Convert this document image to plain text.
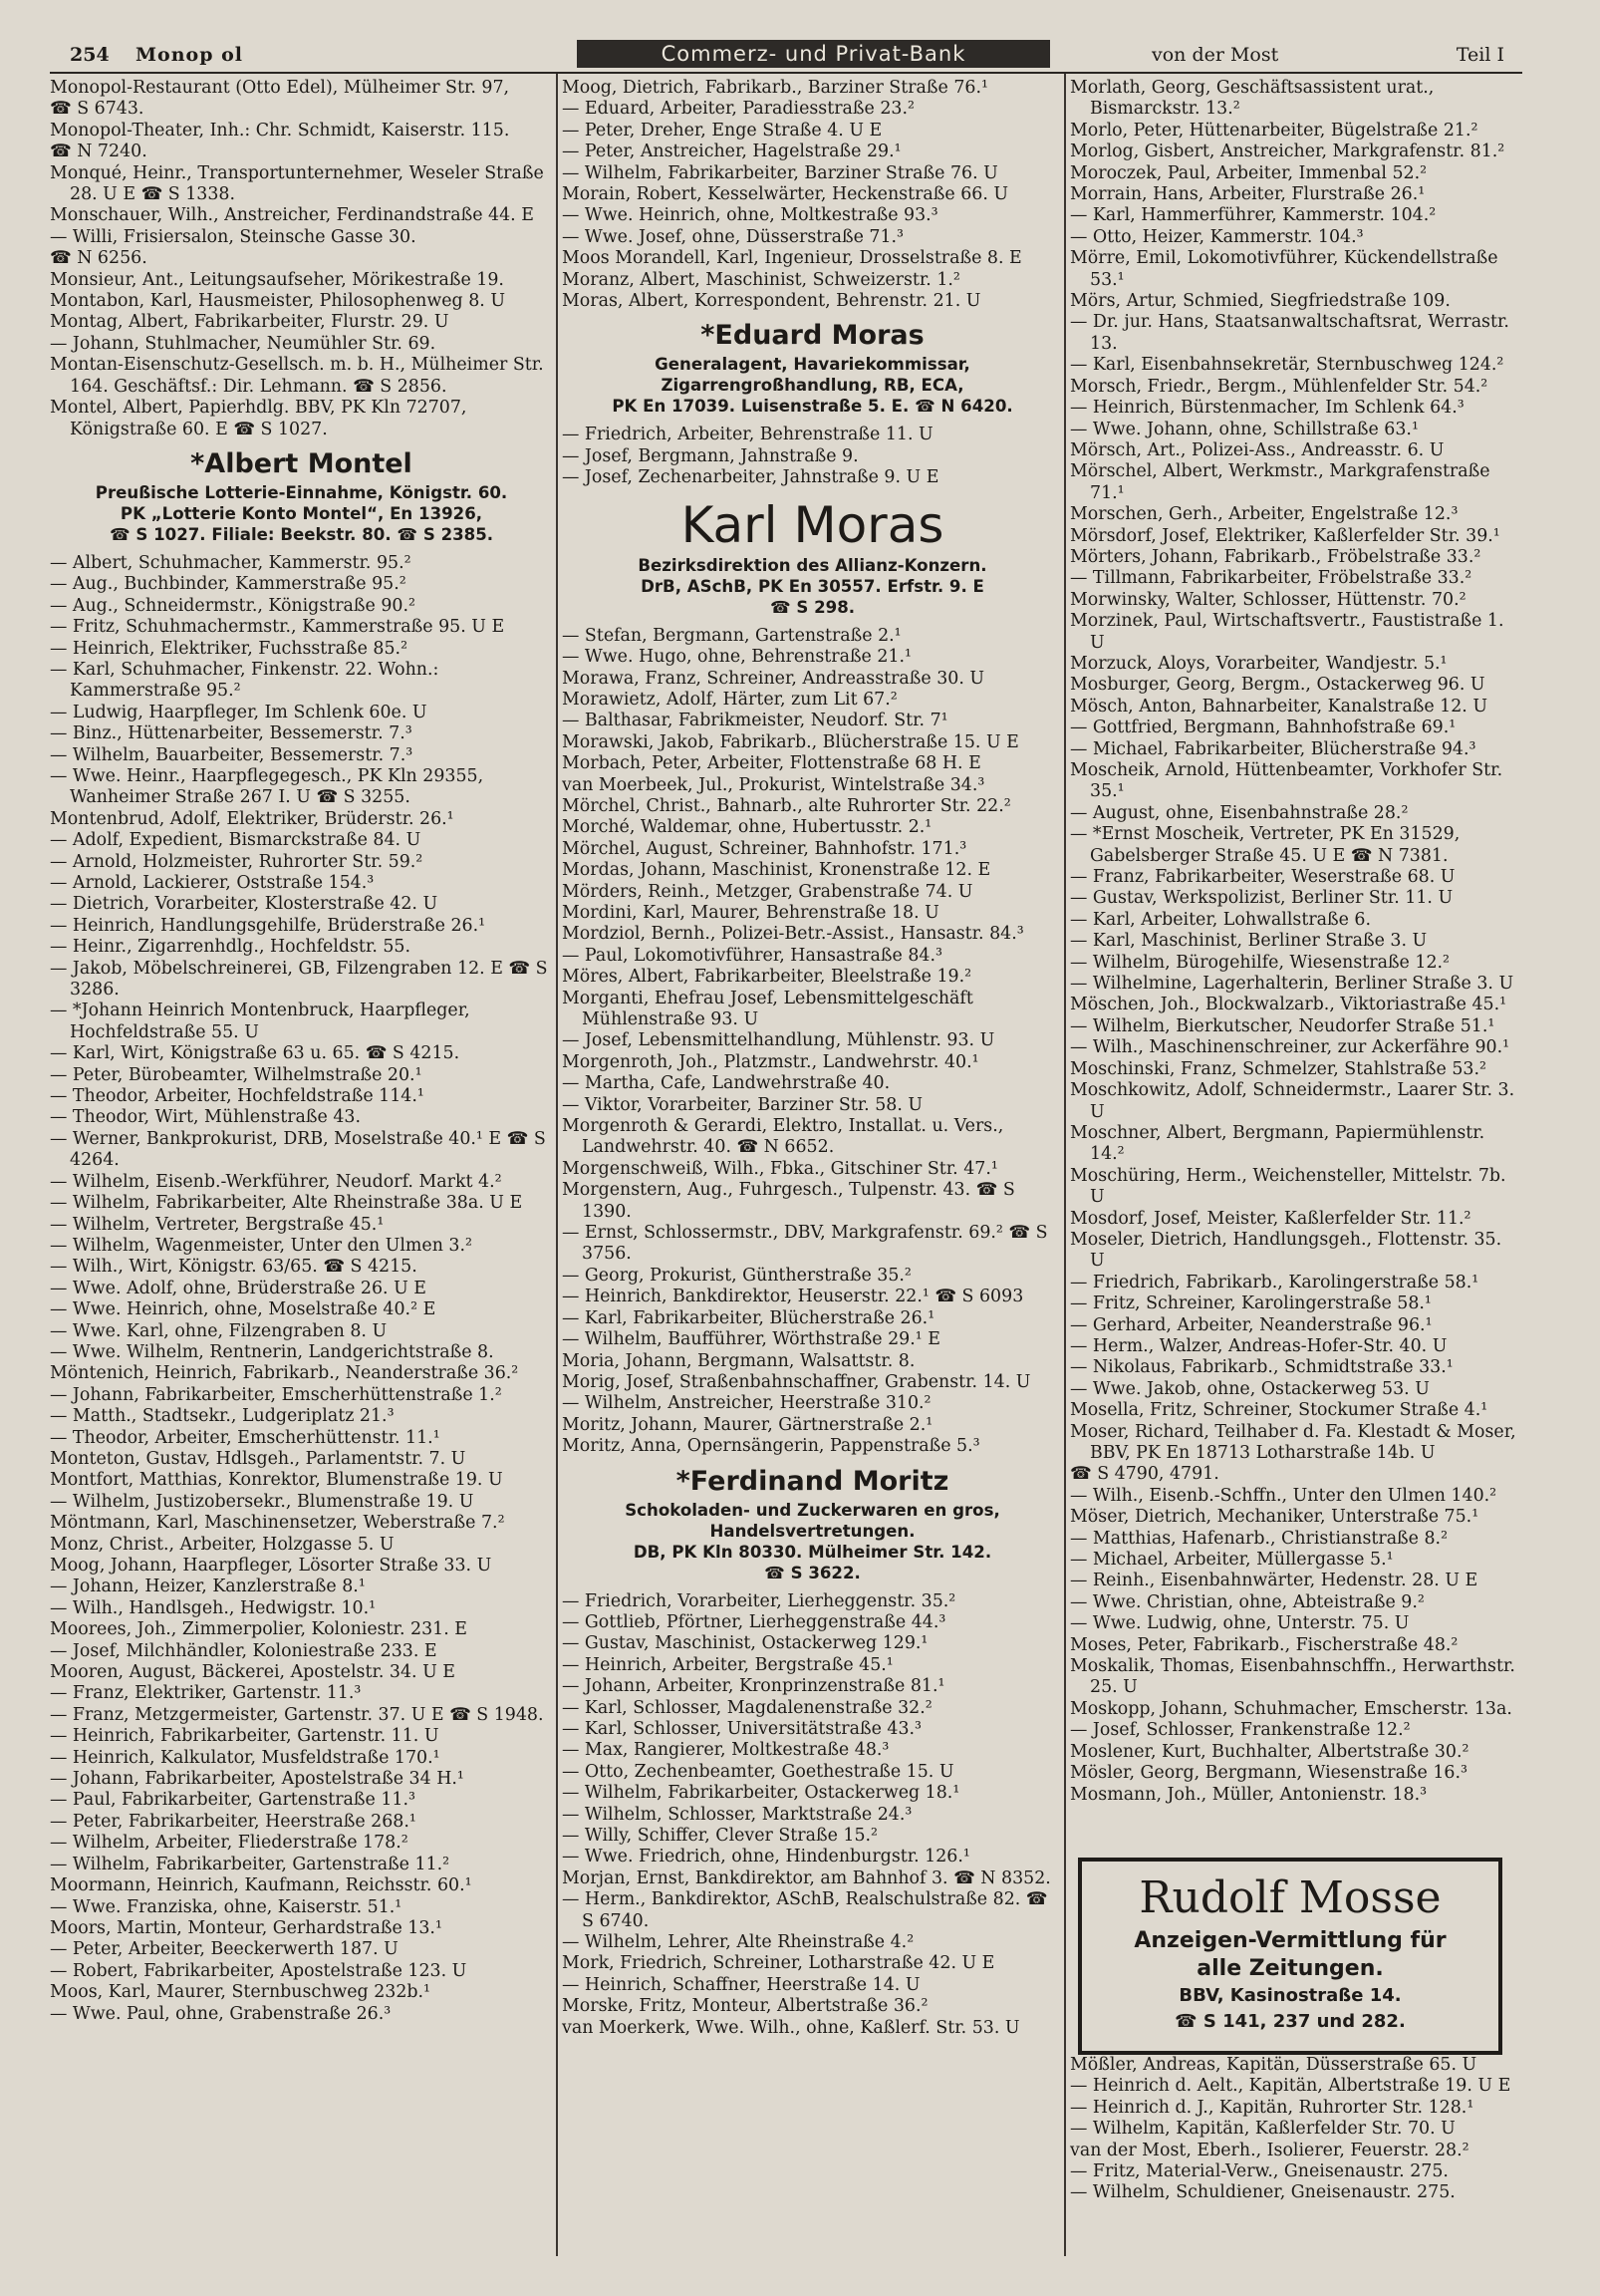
254 Monop ol	Commerz- und Privat-Bank	von der Most	Teil I
Monopol-Restaurant (Otto Edel), Mülheimer Str. 97,
☎ S 6743.
Monopol-Theater, Inh.: Chr. Schmidt, Kaiserstr. 115.
☎ N 7240.
Monqué, Heinr., Transportunternehmer, Weseler Straße 28. U E ☎ S 1338.
Monschauer, Wilh., Anstreicher, Ferdinandstraße 44. E
— Willi, Frisiersalon, Steinsche Gasse 30.
☎ N 6256.
Monsieur, Ant., Leitungsaufseher, Mörikestraße 19.
Montabon, Karl, Hausmeister, Philosophenweg 8. U
Montag, Albert, Fabrikarbeiter, Flurstr. 29. U
— Johann, Stuhlmacher, Neumühler Str. 69.
Montan-Eisenschutz-Gesellsch. m. b. H., Mülheimer Str. 164. Geschäftsf.: Dir. Lehmann. ☎ S 2856.
Montel, Albert, Papierhdlg. BBV, PK Kln 72707, Königstraße 60. E ☎ S 1027.
*Albert Montel
Preußische Lotterie-Einnahme, Königstr. 60.
PK „Lotterie Konto Montel“, En 13926,
☎ S 1027. Filiale: Beekstr. 80. ☎ S 2385.
— Albert, Schuhmacher, Kammerstr. 95.²
— Aug., Buchbinder, Kammerstraße 95.²
— Aug., Schneidermstr., Königstraße 90.²
— Fritz, Schuhmachermstr., Kammerstraße 95. U E
— Heinrich, Elektriker, Fuchsstraße 85.²
— Karl, Schuhmacher, Finkenstr. 22. Wohn.: Kammerstraße 95.²
— Ludwig, Haarpfleger, Im Schlenk 60e. U
— Binz., Hüttenarbeiter, Bessemerstr. 7.³
— Wilhelm, Bauarbeiter, Bessemerstr. 7.³
— Wwe. Heinr., Haarpflegegesch., PK Kln 29355, Wanheimer Straße 267 I. U ☎ S 3255.
Montenbrud, Adolf, Elektriker, Brüderstr. 26.¹
— Adolf, Expedient, Bismarckstraße 84. U
— Arnold, Holzmeister, Ruhrorter Str. 59.²
— Arnold, Lackierer, Oststraße 154.³
— Dietrich, Vorarbeiter, Klosterstraße 42. U
— Heinrich, Handlungsgehilfe, Brüderstraße 26.¹
— Heinr., Zigarrenhdlg., Hochfeldstr. 55.
— Jakob, Möbelschreinerei, GB, Filzengraben 12. E ☎ S 3286.
— *Johann Heinrich Montenbruck, Haarpfleger, Hochfeldstraße 55. U
— Karl, Wirt, Königstraße 63 u. 65. ☎ S 4215.
— Peter, Bürobeamter, Wilhelmstraße 20.¹
— Theodor, Arbeiter, Hochfeldstraße 114.¹
— Theodor, Wirt, Mühlenstraße 43.
— Werner, Bankprokurist, DRB, Moselstraße 40.¹ E ☎ S 4264.
— Wilhelm, Eisenb.-Werkführer, Neudorf. Markt 4.²
— Wilhelm, Fabrikarbeiter, Alte Rheinstraße 38a. U E
— Wilhelm, Vertreter, Bergstraße 45.¹
— Wilhelm, Wagenmeister, Unter den Ulmen 3.²
— Wilh., Wirt, Königstr. 63/65. ☎ S 4215.
— Wwe. Adolf, ohne, Brüderstraße 26. U E
— Wwe. Heinrich, ohne, Moselstraße 40.² E
— Wwe. Karl, ohne, Filzengraben 8. U
— Wwe. Wilhelm, Rentnerin, Landgerichtstraße 8.
Möntenich, Heinrich, Fabrikarb., Neanderstraße 36.²
— Johann, Fabrikarbeiter, Emscherhüttenstraße 1.²
— Matth., Stadtsekr., Ludgeriplatz 21.³
— Theodor, Arbeiter, Emscherhüttenstr. 11.¹
Monteton, Gustav, Hdlsgeh., Parlamentstr. 7. U
Montfort, Matthias, Konrektor, Blumenstraße 19. U
— Wilhelm, Justizobersekr., Blumenstraße 19. U
Möntmann, Karl, Maschinensetzer, Weberstraße 7.²
Monz, Christ., Arbeiter, Holzgasse 5. U
Moog, Johann, Haarpfleger, Lösorter Straße 33. U
— Johann, Heizer, Kanzlerstraße 8.¹
— Wilh., Handlsgeh., Hedwigstr. 10.¹
Moorees, Joh., Zimmerpolier, Koloniestr. 231. E
— Josef, Milchhändler, Koloniestraße 233. E
Mooren, August, Bäckerei, Apostelstr. 34. U E
— Franz, Elektriker, Gartenstr. 11.³
— Franz, Metzgermeister, Gartenstr. 37. U E ☎ S 1948.
— Heinrich, Fabrikarbeiter, Gartenstr. 11. U
— Heinrich, Kalkulator, Musfeldstraße 170.¹
— Johann, Fabrikarbeiter, Apostelstraße 34 H.¹
— Paul, Fabrikarbeiter, Gartenstraße 11.³
— Peter, Fabrikarbeiter, Heerstraße 268.¹
— Wilhelm, Arbeiter, Fliederstraße 178.²
— Wilhelm, Fabrikarbeiter, Gartenstraße 11.²
Moormann, Heinrich, Kaufmann, Reichsstr. 60.¹
— Wwe. Franziska, ohne, Kaiserstr. 51.¹
Moors, Martin, Monteur, Gerhardstraße 13.¹
— Peter, Arbeiter, Beeckerwerth 187. U
— Robert, Fabrikarbeiter, Apostelstraße 123. U
Moos, Karl, Maurer, Sternbuschweg 232b.¹
— Wwe. Paul, ohne, Grabenstraße 26.³
Moog, Dietrich, Fabrikarb., Barziner Straße 76.¹
— Eduard, Arbeiter, Paradiesstraße 23.²
— Peter, Dreher, Enge Straße 4. U E
— Peter, Anstreicher, Hagelstraße 29.¹
— Wilhelm, Fabrikarbeiter, Barziner Straße 76. U
Morain, Robert, Kesselwärter, Heckenstraße 66. U
— Wwe. Heinrich, ohne, Moltkestraße 93.³
— Wwe. Josef, ohne, Düsserstraße 71.³
Moos Morandell, Karl, Ingenieur, Drosselstraße 8. E
Moranz, Albert, Maschinist, Schweizerstr. 1.²
Moras, Albert, Korrespondent, Behrenstr. 21. U
*Eduard Moras
Generalagent, Havariekommissar,
Zigarrengroßhandlung, RB, ECA,
PK En 17039. Luisenstraße 5. E. ☎ N 6420.
— Friedrich, Arbeiter, Behrenstraße 11. U
— Josef, Bergmann, Jahnstraße 9.
— Josef, Zechenarbeiter, Jahnstraße 9. U E
Karl Moras
Bezirksdirektion des Allianz-Konzern.
DrB, ASchB, PK En 30557. Erfstr. 9. E
☎ S 298.
— Stefan, Bergmann, Gartenstraße 2.¹
— Wwe. Hugo, ohne, Behrenstraße 21.¹
Morawa, Franz, Schreiner, Andreasstraße 30. U
Morawietz, Adolf, Härter, zum Lit 67.²
— Balthasar, Fabrikmeister, Neudorf. Str. 7¹
Morawski, Jakob, Fabrikarb., Blücherstraße 15. U E
Morbach, Peter, Arbeiter, Flottenstraße 68 H. E
van Moerbeek, Jul., Prokurist, Wintelstraße 34.³
Mörchel, Christ., Bahnarb., alte Ruhrorter Str. 22.²
Morché, Waldemar, ohne, Hubertusstr. 2.¹
Mörchel, August, Schreiner, Bahnhofstr. 171.³
Mordas, Johann, Maschinist, Kronenstraße 12. E
Mörders, Reinh., Metzger, Grabenstraße 74. U
Mordini, Karl, Maurer, Behrenstraße 18. U
Mordziol, Bernh., Polizei-Betr.-Assist., Hansastr. 84.³
— Paul, Lokomotivführer, Hansastraße 84.³
Möres, Albert, Fabrikarbeiter, Bleelstraße 19.²
Morganti, Ehefrau Josef, Lebensmittelgeschäft Mühlenstraße 93. U
— Josef, Lebensmittelhandlung, Mühlenstr. 93. U
Morgenroth, Joh., Platzmstr., Landwehrstr. 40.¹
— Martha, Cafe, Landwehrstraße 40.
— Viktor, Vorarbeiter, Barziner Str. 58. U
Morgenroth & Gerardi, Elektro, Installat. u. Vers., Landwehrstr. 40. ☎ N 6652.
Morgenschweiß, Wilh., Fbka., Gitschiner Str. 47.¹
Morgenstern, Aug., Fuhrgesch., Tulpenstr. 43. ☎ S 1390.
— Ernst, Schlossermstr., DBV, Markgrafenstr. 69.² ☎ S 3756.
— Georg, Prokurist, Güntherstraße 35.²
— Heinrich, Bankdirektor, Heuserstr. 22.¹ ☎ S 6093
— Karl, Fabrikarbeiter, Blücherstraße 26.¹
— Wilhelm, Baufführer, Wörthstraße 29.¹ E
Moria, Johann, Bergmann, Walsattstr. 8.
Morig, Josef, Straßenbahnschaffner, Grabenstr. 14. U
— Wilhelm, Anstreicher, Heerstraße 310.²
Moritz, Johann, Maurer, Gärtnerstraße 2.¹
Moritz, Anna, Opernsängerin, Pappenstraße 5.³
*Ferdinand Moritz
Schokoladen- und Zuckerwaren en gros,
Handelsvertretungen.
DB, PK Kln 80330. Mülheimer Str. 142.
☎ S 3622.
— Friedrich, Vorarbeiter, Lierheggenstr. 35.²
— Gottlieb, Pförtner, Lierheggenstraße 44.³
— Gustav, Maschinist, Ostackerweg 129.¹
— Heinrich, Arbeiter, Bergstraße 45.¹
— Johann, Arbeiter, Kronprinzenstraße 81.¹
— Karl, Schlosser, Magdalenenstraße 32.²
— Karl, Schlosser, Universitätstraße 43.³
— Max, Rangierer, Moltkestraße 48.³
— Otto, Zechenbeamter, Goethestraße 15. U
— Wilhelm, Fabrikarbeiter, Ostackerweg 18.¹
— Wilhelm, Schlosser, Marktstraße 24.³
— Willy, Schiffer, Clever Straße 15.²
— Wwe. Friedrich, ohne, Hindenburgstr. 126.¹
Morjan, Ernst, Bankdirektor, am Bahnhof 3. ☎ N 8352.
— Herm., Bankdirektor, ASchB, Realschulstraße 82. ☎ S 6740.
— Wilhelm, Lehrer, Alte Rheinstraße 4.²
Mork, Friedrich, Schreiner, Lotharstraße 42. U E
— Heinrich, Schaffner, Heerstraße 14. U
Morske, Fritz, Monteur, Albertstraße 36.²
van Moerkerk, Wwe. Wilh., ohne, Kaßlerf. Str. 53. U
Morlath, Georg, Geschäftsassistent urat., Bismarckstr. 13.²
Morlo, Peter, Hüttenarbeiter, Bügelstraße 21.²
Morlog, Gisbert, Anstreicher, Markgrafenstr. 81.²
Moroczek, Paul, Arbeiter, Immenbal 52.²
Morrain, Hans, Arbeiter, Flurstraße 26.¹
— Karl, Hammerführer, Kammerstr. 104.²
— Otto, Heizer, Kammerstr. 104.³
Mörre, Emil, Lokomotivführer, Kückendellstraße 53.¹
Mörs, Artur, Schmied, Siegfriedstraße 109.
— Dr. jur. Hans, Staatsanwaltschaftsrat, Werrastr. 13.
— Karl, Eisenbahnsekretär, Sternbuschweg 124.²
Morsch, Friedr., Bergm., Mühlenfelder Str. 54.²
— Heinrich, Bürstenmacher, Im Schlenk 64.³
— Wwe. Johann, ohne, Schillstraße 63.¹
Mörsch, Art., Polizei-Ass., Andreasstr. 6. U
Mörschel, Albert, Werkmstr., Markgrafenstraße 71.¹
Morschen, Gerh., Arbeiter, Engelstraße 12.³
Mörsdorf, Josef, Elektriker, Kaßlerfelder Str. 39.¹
Mörters, Johann, Fabrikarb., Fröbelstraße 33.²
— Tillmann, Fabrikarbeiter, Fröbelstraße 33.²
Morwinsky, Walter, Schlosser, Hüttenstr. 70.²
Morzinek, Paul, Wirtschaftsvertr., Faustistraße 1. U
Morzuck, Aloys, Vorarbeiter, Wandjestr. 5.¹
Mosburger, Georg, Bergm., Ostackerweg 96. U
Mösch, Anton, Bahnarbeiter, Kanalstraße 12. U
— Gottfried, Bergmann, Bahnhofstraße 69.¹
— Michael, Fabrikarbeiter, Blücherstraße 94.³
Moscheik, Arnold, Hüttenbeamter, Vorkhofer Str. 35.¹
— August, ohne, Eisenbahnstraße 28.²
— *Ernst Moscheik, Vertreter, PK En 31529, Gabelsberger Straße 45. U E ☎ N 7381.
— Franz, Fabrikarbeiter, Weserstraße 68. U
— Gustav, Werkspolizist, Berliner Str. 11. U
— Karl, Arbeiter, Lohwallstraße 6.
— Karl, Maschinist, Berliner Straße 3. U
— Wilhelm, Bürogehilfe, Wiesenstraße 12.²
— Wilhelmine, Lagerhalterin, Berliner Straße 3. U
Möschen, Joh., Blockwalzarb., Viktoriastraße 45.¹
— Wilhelm, Bierkutscher, Neudorfer Straße 51.¹
— Wilh., Maschinenschreiner, zur Ackerfähre 90.¹
Moschinski, Franz, Schmelzer, Stahlstraße 53.²
Moschkowitz, Adolf, Schneidermstr., Laarer Str. 3. U
Moschner, Albert, Bergmann, Papiermühlenstr. 14.²
Moschüring, Herm., Weichensteller, Mittelstr. 7b. U
Mosdorf, Josef, Meister, Kaßlerfelder Str. 11.²
Moseler, Dietrich, Handlungsgeh., Flottenstr. 35. U
— Friedrich, Fabrikarb., Karolingerstraße 58.¹
— Fritz, Schreiner, Karolingerstraße 58.¹
— Gerhard, Arbeiter, Neanderstraße 96.¹
— Herm., Walzer, Andreas-Hofer-Str. 40. U
— Nikolaus, Fabrikarb., Schmidtstraße 33.¹
— Wwe. Jakob, ohne, Ostackerweg 53. U
Mosella, Fritz, Schreiner, Stockumer Straße 4.¹
Moser, Richard, Teilhaber d. Fa. Klestadt & Moser, BBV, PK En 18713 Lotharstraße 14b. U
☎ S 4790, 4791.
— Wilh., Eisenb.-Schffn., Unter den Ulmen 140.²
Möser, Dietrich, Mechaniker, Unterstraße 75.¹
— Matthias, Hafenarb., Christianstraße 8.²
— Michael, Arbeiter, Müllergasse 5.¹
— Reinh., Eisenbahnwärter, Hedenstr. 28. U E
— Wwe. Christian, ohne, Abteistraße 9.²
— Wwe. Ludwig, ohne, Unterstr. 75. U
Moses, Peter, Fabrikarb., Fischerstraße 48.²
Moskalik, Thomas, Eisenbahnschffn., Herwarthstr. 25. U
Moskopp, Johann, Schuhmacher, Emscherstr. 13a.
— Josef, Schlosser, Frankenstraße 12.²
Moslener, Kurt, Buchhalter, Albertstraße 30.²
Mösler, Georg, Bergmann, Wiesenstraße 16.³
Mosmann, Joh., Müller, Antonienstr. 18.³
Rudolf Mosse
Anzeigen-Vermittlung für
alle Zeitungen.
BBV, Kasinostraße 14.
☎ S 141, 237 und 282.
Mößler, Andreas, Kapitän, Düsserstraße 65. U
— Heinrich d. Aelt., Kapitän, Albertstraße 19. U E
— Heinrich d. J., Kapitän, Ruhrorter Str. 128.¹
— Wilhelm, Kapitän, Kaßlerfelder Str. 70. U
van der Most, Eberh., Isolierer, Feuerstr. 28.²
— Fritz, Material-Verw., Gneisenaustr. 275.
— Wilhelm, Schuldiener, Gneisenaustr. 275.
